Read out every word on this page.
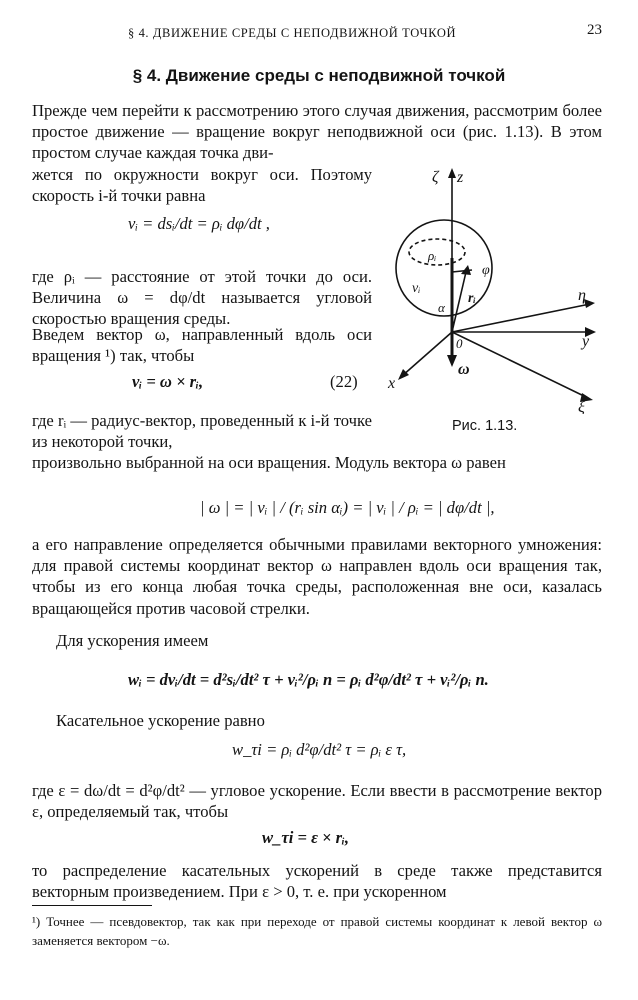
§ 4. ДВИЖЕНИЕ СРЕДЫ С НЕПОДВИЖНОЙ ТОЧКОЙ	23
§ 4. Движение среды с неподвижной точкой
Прежде чем перейти к рассмотрению этого случая движения, рассмотрим более простое движение — вращение вокруг неподвижной оси (рис. 1.13). В этом простом случае каждая точка дви-
жется по окружности вокруг оси. Поэтому скорость i-й точки равна
vᵢ = dsᵢ/dt = ρᵢ dφ/dt ,
где ρᵢ — расстояние от этой точки до оси. Величина ω = dφ/dt называется угловой скоростью вращения среды.
Введем вектор ω, направленный вдоль оси вращения ¹) так, чтобы
vᵢ = ω × rᵢ,	(22)
где rᵢ — радиус-вектор, проведенный к i-й точке из некоторой точки,
произвольно выбранной на оси вращения. Модуль вектора ω равен
| ω | = | vᵢ | / (rᵢ sin αᵢ) = | vᵢ | / ρᵢ = | dφ/dt |,
а его направление определяется обычными правилами векторного умножения: для правой системы координат вектор ω направлен вдоль оси вращения так, чтобы из его конца любая точка среды, расположенная вне оси, казалась вращающейся против часовой стрелки.
Для ускорения имеем
wᵢ = dvᵢ/dt = d²sᵢ/dt² τ + vᵢ²/ρᵢ n = ρᵢ d²φ/dt² τ + vᵢ²/ρᵢ n.
Касательное ускорение равно
w_τi = ρᵢ d²φ/dt² τ = ρᵢ ε τ,
где ε = dω/dt = d²φ/dt² — угловое ускорение. Если ввести в рассмотрение вектор ε, определяемый так, чтобы
w_τi = ε × rᵢ,
то распределение касательных ускорений в среде также представится векторным произведением. При ε > 0, т. е. при ускоренном
¹) Точнее — псевдовектор, так как при переходе от правой системы координат к левой вектор ω заменяется вектором −ω.
ζ z
η
y
x
ξ
0
ω
vᵢ
rᵢ
α
ρᵢ
φ
Рис. 1.13.
